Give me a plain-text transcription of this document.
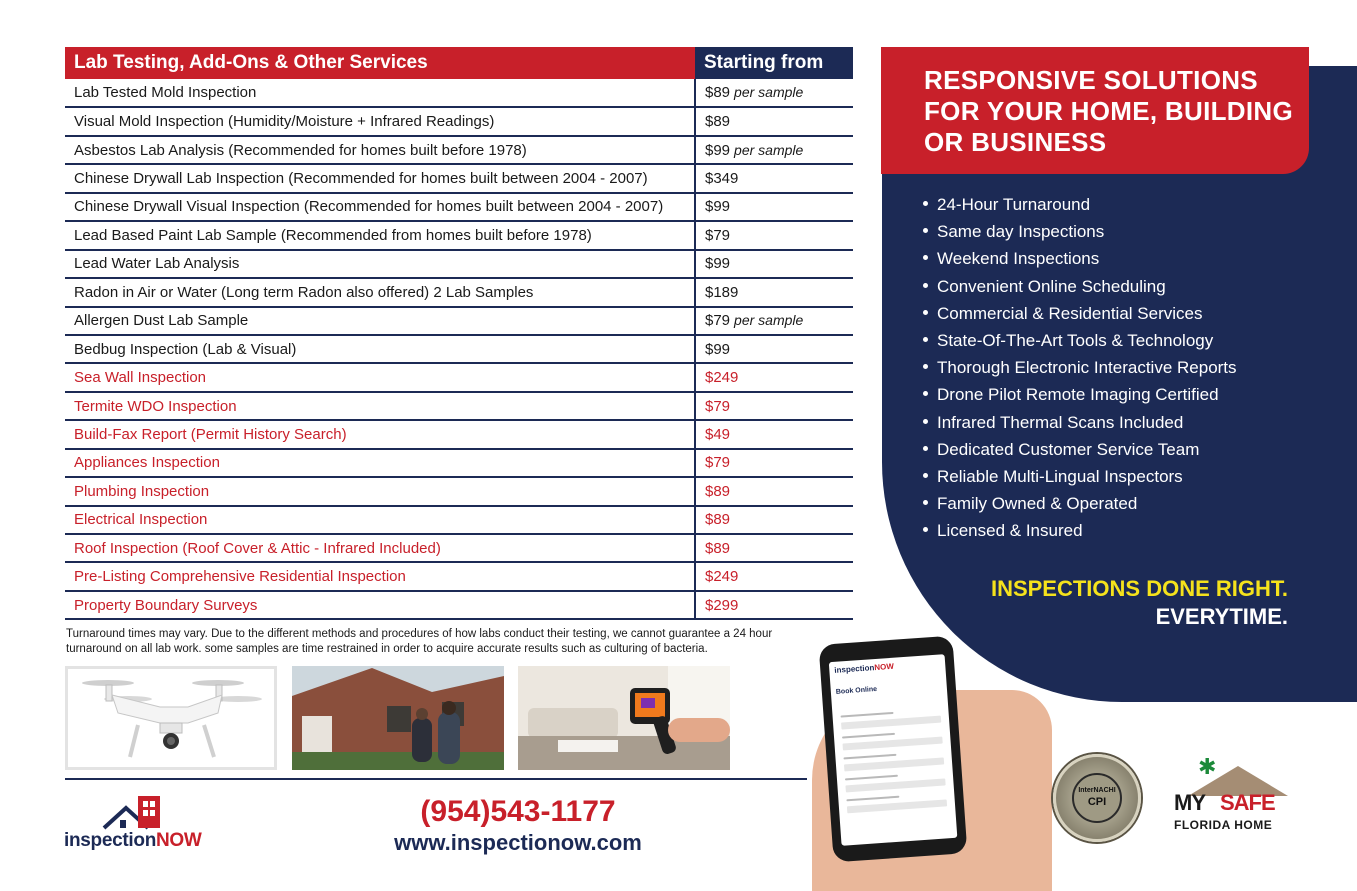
Lab Testing, Add-Ons & Other Services	Starting from
Lab Tested Mold Inspection	$89 per sample
Visual Mold Inspection (Humidity/Moisture + Infrared Readings)	$89
Asbestos Lab Analysis (Recommended for homes built before 1978)	$99 per sample
Chinese Drywall Lab Inspection (Recommended for homes built between 2004 - 2007)	$349
Chinese Drywall Visual Inspection (Recommended for homes built between 2004 - 2007)	$99
Lead Based Paint Lab Sample (Recommended from homes built before 1978)	$79
Lead Water Lab Analysis	$99
Radon in Air or Water (Long term Radon also offered) 2 Lab Samples	$189
Allergen Dust Lab Sample	$79 per sample
Bedbug Inspection (Lab & Visual)	$99
Sea Wall Inspection	$249
Termite WDO Inspection	$79
Build-Fax Report (Permit History Search)	$49
Appliances Inspection	$79
Plumbing Inspection	$89
Electrical Inspection	$89
Roof Inspection (Roof Cover & Attic - Infrared Included)	$89
Pre-Listing Comprehensive Residential Inspection	$249
Property Boundary Surveys	$299

Turnaround times may vary. Due to the different methods and procedures of how labs conduct their testing, we cannot guarantee a 24 hour turnaround on all lab work. some samples are time restrained in order to acquire accurate results such as culturing of bacteria.

inspectionNOW
(954)543-1177
www.inspectionow.com
RESPONSIVE SOLUTIONS
FOR YOUR HOME, BUILDING
OR BUSINESS
24-Hour Turnaround
Same day Inspections
Weekend Inspections
Convenient Online Scheduling
Commercial & Residential Services
State-Of-The-Art Tools & Technology
Thorough Electronic Interactive Reports
Drone Pilot Remote Imaging Certified
Infrared Thermal Scans Included
Dedicated Customer Service Team
Reliable Multi-Lingual Inspectors
Family Owned & Operated
Licensed & Insured
INSPECTIONS DONE RIGHT.
EVERYTIME.
inspectionNOW
Book Online
InterNACHI
CPI
✱
MY SAFE
FLORIDA HOME
